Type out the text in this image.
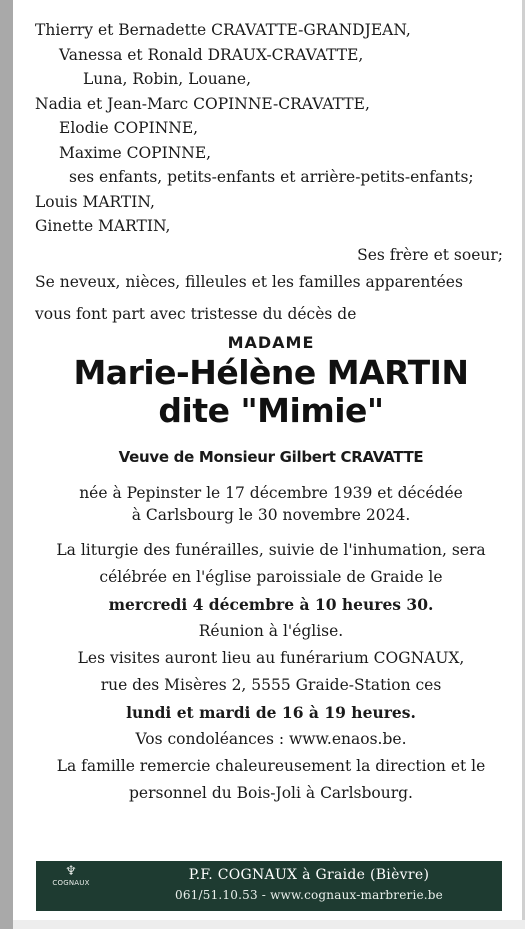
Thierry et Bernadette CRAVATTE-GRANDJEAN,
Vanessa et Ronald DRAUX-CRAVATTE,
Luna, Robin, Louane,
Nadia et Jean-Marc COPINNE-CRAVATTE,
Elodie COPINNE,
Maxime COPINNE,
ses enfants, petits-enfants et arrière-petits-enfants;
Louis MARTIN,
Ginette MARTIN,
Ses frère et soeur;
Se neveux, nièces, filleules et les familles apparentées
vous font part avec tristesse du décès de
MADAME
Marie-Hélène MARTIN
dite "Mimie"
Veuve de Monsieur Gilbert CRAVATTE
née à Pepinster le 17 décembre 1939 et décédée
à Carlsbourg le 30 novembre 2024.
La liturgie des funérailles, suivie de l'inhumation, sera
célébrée en l'église paroissiale de Graide le
mercredi 4 décembre à 10 heures 30.
Réunion à l'église.
Les visites auront lieu au funérarium COGNAUX,
rue des Misères 2, 5555 Graide-Station ces
lundi et mardi de 16 à 19 heures.
Vos condoléances : www.enaos.be.
La famille remercie chaleureusement la direction et le
personnel du Bois-Joli à Carlsbourg.
♆
COGNAUX
	P.F. COGNAUX à Graide (Bièvre)
061/51.10.53 - www.cognaux-marbrerie.be
